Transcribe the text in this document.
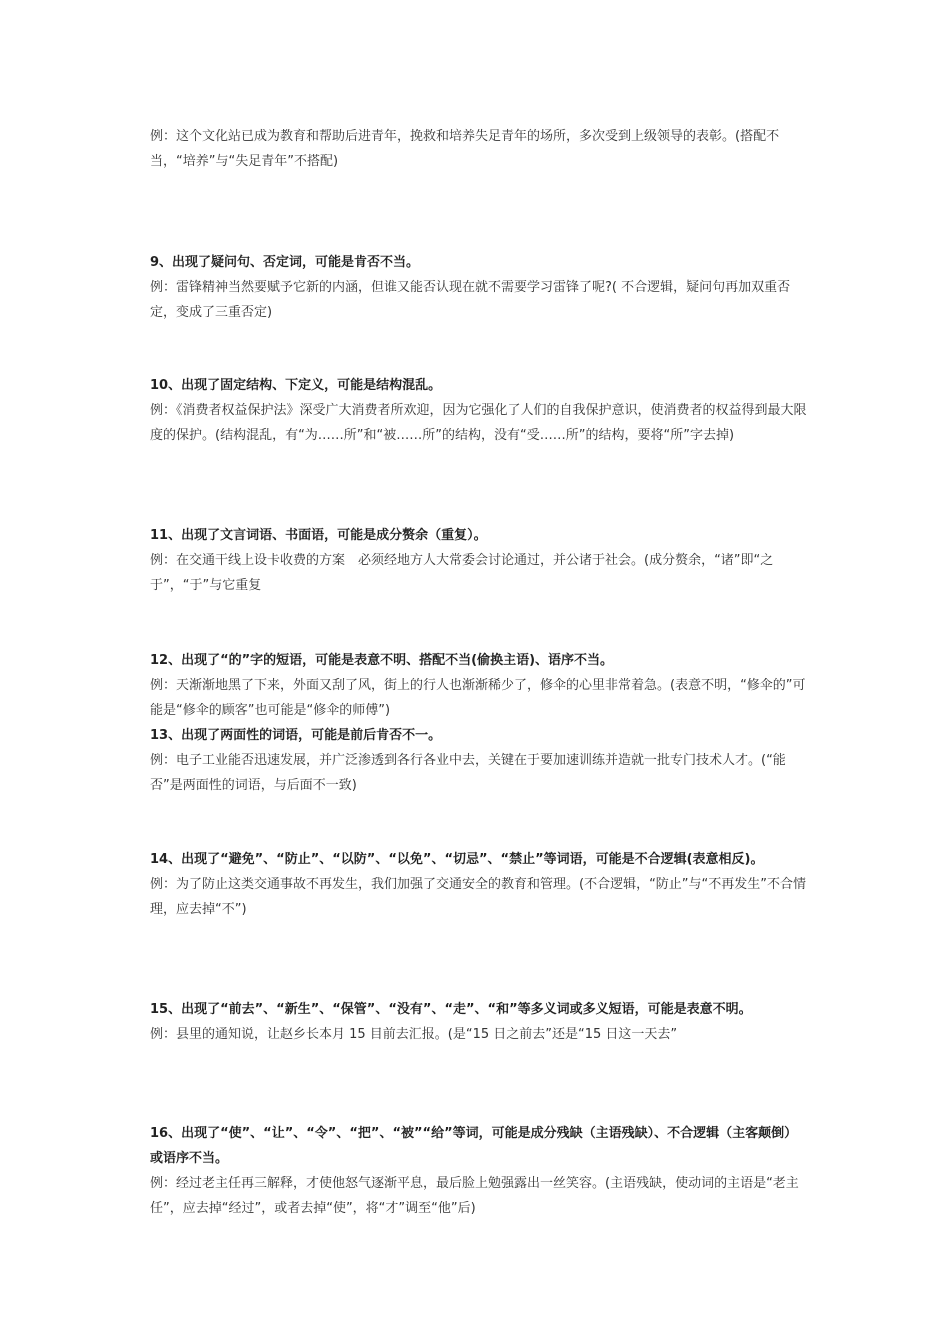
例：这个文化站已成为教育和帮助后进青年，挽救和培养失足青年的场所，多次受到上级领导的表彰。(搭配不当，“培养”与“失足青年”不搭配)

9、出现了疑问句、否定词，可能是肯否不当。

例：雷锋精神当然要赋予它新的内涵，但谁又能否认现在就不需要学习雷锋了呢?( 不合逻辑，疑问句再加双重否定，变成了三重否定)

10、出现了固定结构、下定义，可能是结构混乱。

例：《消费者权益保护法》深受广大消费者所欢迎，因为它强化了人们的自我保护意识，使消费者的权益得到最大限度的保护。(结构混乱，有“为……所”和“被……所”的结构，没有“受……所”的结构，要将“所”字去掉)

11、出现了文言词语、书面语，可能是成分赘余（重复）。

例：在交通干线上设卡收费的方案　必须经地方人大常委会讨论通过，并公诸于社会。(成分赘余，“诸”即“之于”，“于”与它重复

12、出现了“的”字的短语，可能是表意不明、搭配不当(偷换主语)、语序不当。

例：天渐渐地黑了下来，外面又刮了风，街上的行人也渐渐稀少了，修伞的心里非常着急。(表意不明，“修伞的”可能是“修伞的顾客”也可能是“修伞的师傅”)

13、出现了两面性的词语，可能是前后肯否不一。

例：电子工业能否迅速发展，并广泛渗透到各行各业中去，关键在于要加速训练并造就一批专门技术人才。(“能否”是两面性的词语，与后面不一致)

14、出现了“避免”、“防止”、“以防”、“以免”、“切忌”、“禁止”等词语，可能是不合逻辑(表意相反)。

例：为了防止这类交通事故不再发生，我们加强了交通安全的教育和管理。(不合逻辑，“防止”与“不再发生”不合情理，应去掉“不”)

15、出现了“前去”、“新生”、“保管”、“没有”、“走”、“和”等多义词或多义短语，可能是表意不明。

例：县里的通知说，让赵乡长本月 15 目前去汇报。(是“15 日之前去”还是“15 日这一天去”

16、出现了“使”、“让”、“令”、“把”、“被”“给”等词，可能是成分残缺（主语残缺）、不合逻辑（主客颠倒）或语序不当。

例：经过老主任再三解释，才使他怒气逐渐平息，最后脸上勉强露出一丝笑容。(主语残缺，使动词的主语是“老主任”，应去掉“经过”，或者去掉“使”，将“才”调至“他”后)
